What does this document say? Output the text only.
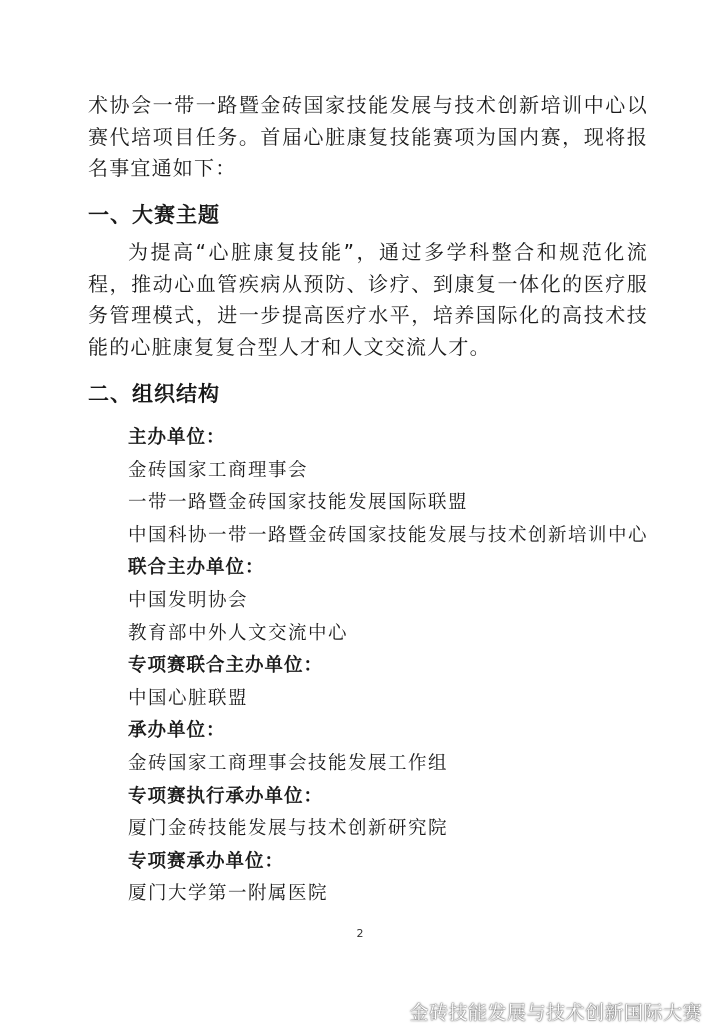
术协会一带一路暨金砖国家技能发展与技术创新培训中心以赛代培项目任务。首届心脏康复技能赛项为国内赛，现将报名事宜通如下：

一、大赛主题

为提高“心脏康复技能”，通过多学科整合和规范化流程，推动心血管疾病从预防、诊疗、到康复一体化的医疗服务管理模式，进一步提高医疗水平，培养国际化的高技术技能的心脏康复复合型人才和人文交流人才。

二、组织结构
主办单位：
金砖国家工商理事会
一带一路暨金砖国家技能发展国际联盟
中国科协一带一路暨金砖国家技能发展与技术创新培训中心
联合主办单位：
中国发明协会
教育部中外人文交流中心
专项赛联合主办单位：
中国心脏联盟
承办单位：
金砖国家工商理事会技能发展工作组
专项赛执行承办单位：
厦门金砖技能发展与技术创新研究院
专项赛承办单位：
厦门大学第一附属医院
2
金砖技能发展与技术创新国际大赛
